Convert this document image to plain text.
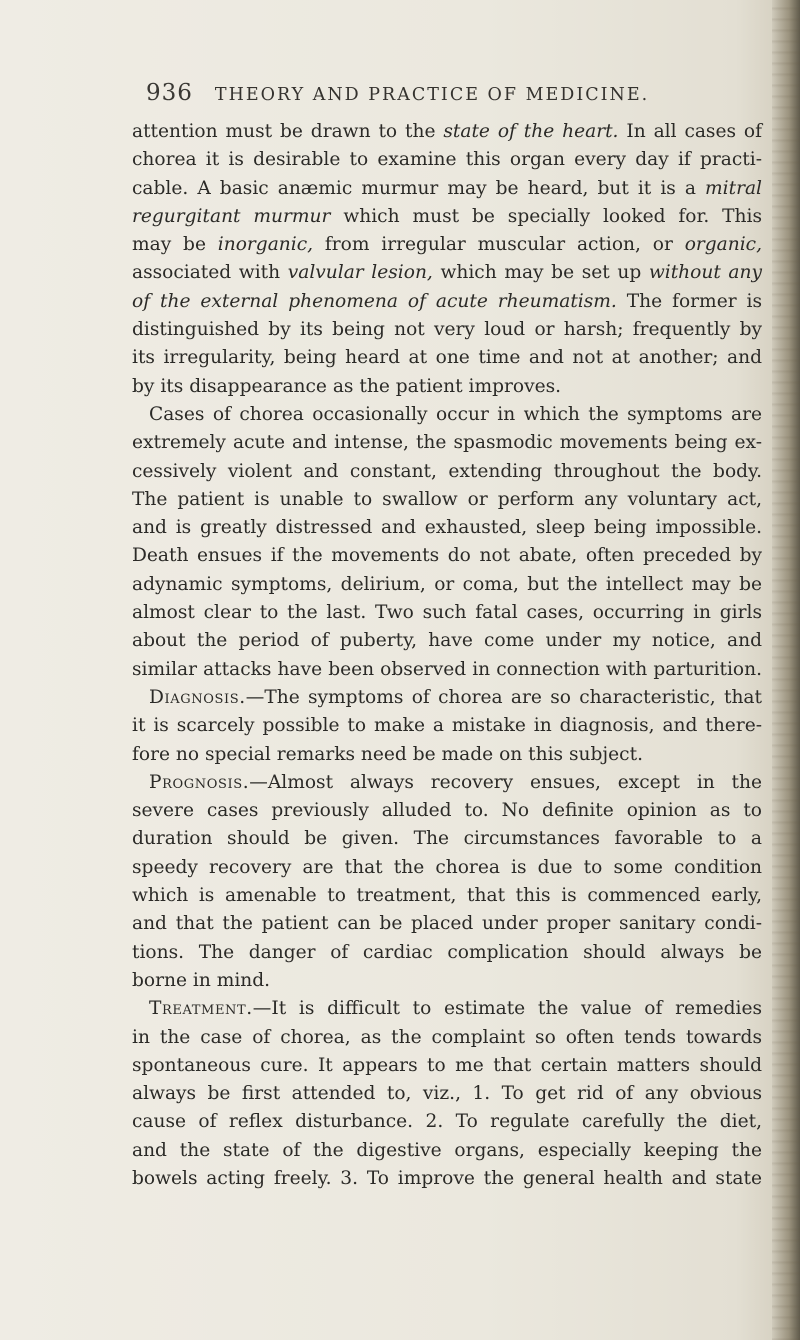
936 THEORY AND PRACTICE OF MEDICINE.
attention must be drawn to the state of the heart. In all cases of
chorea it is desirable to examine this organ every day if practi-
cable. A basic anæmic murmur may be heard, but it is a mitral
regurgitant murmur which must be specially looked for. This
may be inorganic, from irregular muscular action, or organic,
associated with valvular lesion, which may be set up without any
of the external phenomena of acute rheumatism. The former is
distinguished by its being not very loud or harsh; frequently by
its irregularity, being heard at one time and not at another; and
by its disappearance as the patient improves.
Cases of chorea occasionally occur in which the symptoms are
extremely acute and intense, the spasmodic movements being ex-
cessively violent and constant, extending throughout the body.
The patient is unable to swallow or perform any voluntary act,
and is greatly distressed and exhausted, sleep being impossible.
Death ensues if the movements do not abate, often preceded by
adynamic symptoms, delirium, or coma, but the intellect may be
almost clear to the last. Two such fatal cases, occurring in girls
about the period of puberty, have come under my notice, and
similar attacks have been observed in connection with parturition.
Diagnosis.—The symptoms of chorea are so characteristic, that
it is scarcely possible to make a mistake in diagnosis, and there-
fore no special remarks need be made on this subject.
Prognosis.—Almost always recovery ensues, except in the
severe cases previously alluded to. No definite opinion as to
duration should be given. The circumstances favorable to a
speedy recovery are that the chorea is due to some condition
which is amenable to treatment, that this is commenced early,
and that the patient can be placed under proper sanitary condi-
tions. The danger of cardiac complication should always be
borne in mind.
Treatment.—It is difficult to estimate the value of remedies
in the case of chorea, as the complaint so often tends towards
spontaneous cure. It appears to me that certain matters should
always be first attended to, viz., 1. To get rid of any obvious
cause of reflex disturbance. 2. To regulate carefully the diet,
and the state of the digestive organs, especially keeping the
bowels acting freely. 3. To improve the general health and state
